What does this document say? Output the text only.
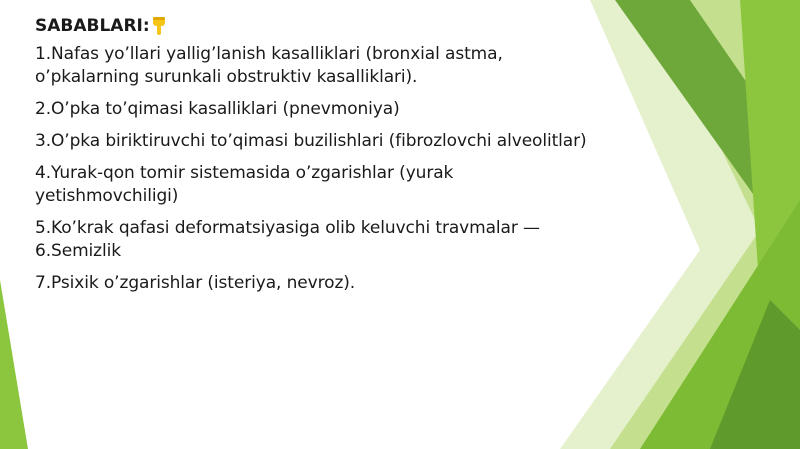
SABABLARI:
1.Nafas yo’llari yallig’lanish kasalliklari (bronxial astma, o’pkalarning surunkali obstruktiv kasalliklari).
2.O’pka to’qimasi kasalliklari (pnevmoniya)
3.O’pka biriktiruvchi to’qimasi buzilishlari (fibrozlovchi alveolitlar)
4.Yurak-qon tomir sistemasida o’zgarishlar (yurak yetishmovchiligi)
5.Ko’krak qafasi deformatsiyasiga olib keluvchi travmalar —
6.Semizlik
7.Psixik o’zgarishlar (isteriya, nevroz).
